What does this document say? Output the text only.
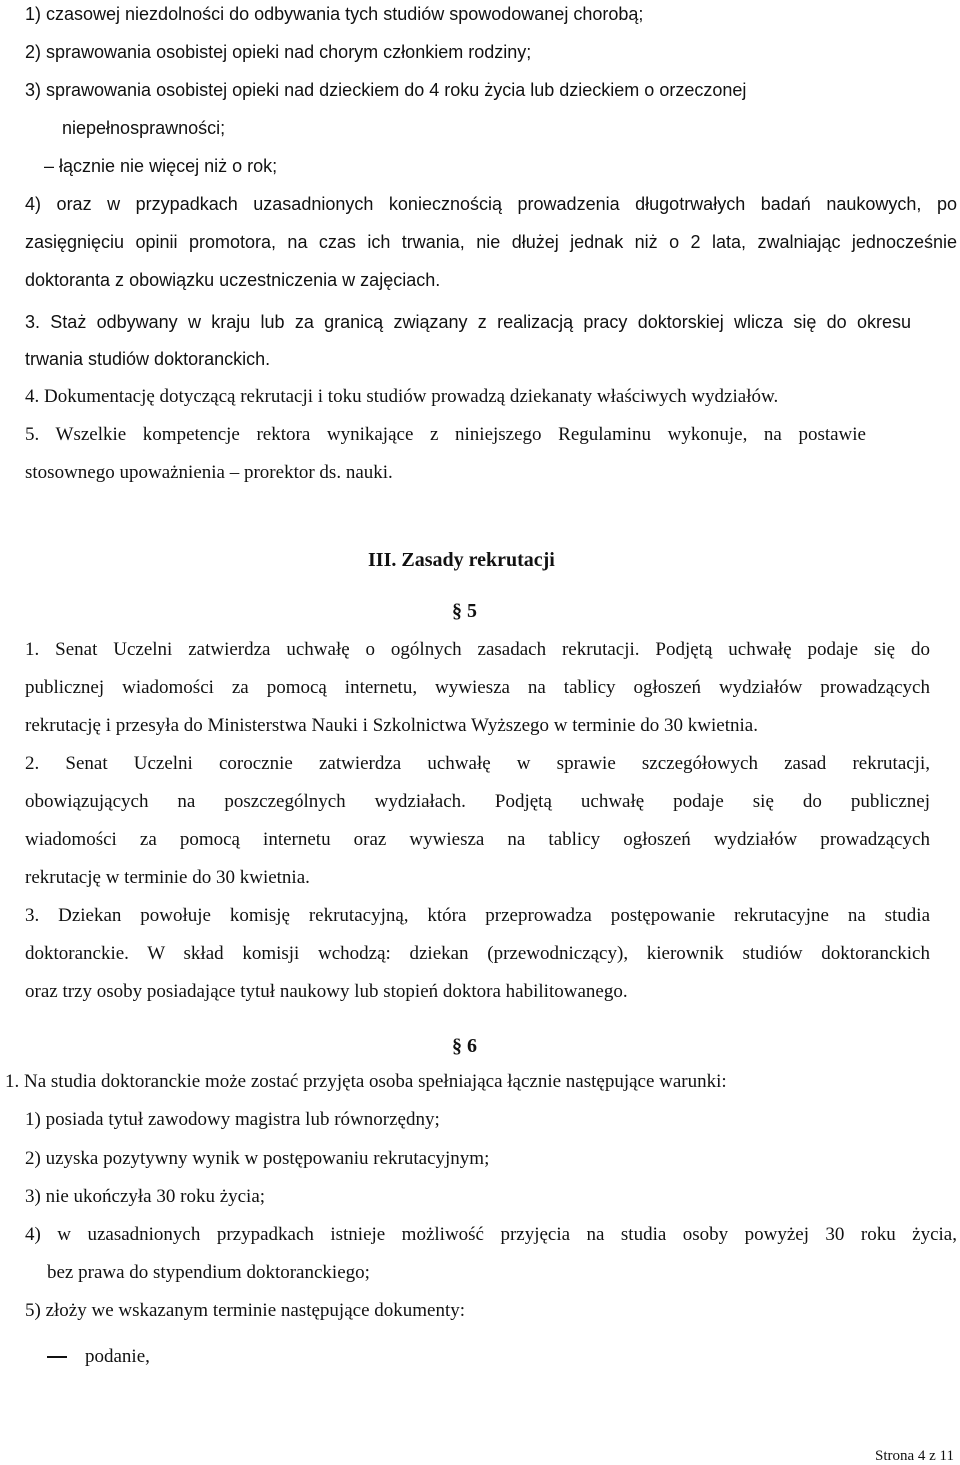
1) czasowej niezdolności do odbywania tych studiów spowodowanej chorobą;
2) sprawowania osobistej opieki nad chorym członkiem rodziny;
3) sprawowania osobistej opieki nad dzieckiem do 4 roku życia lub dzieckiem o orzeczonej
niepełnosprawności;
– łącznie nie więcej niż o rok;
4) oraz w przypadkach uzasadnionych koniecznością prowadzenia długotrwałych badań naukowych, po
zasięgnięciu opinii promotora, na czas ich trwania, nie dłużej jednak niż o 2 lata, zwalniając jednocześnie
doktoranta z obowiązku uczestniczenia w zajęciach.
3. Staż odbywany w kraju lub za granicą związany z realizacją pracy doktorskiej wlicza się do okresu
trwania studiów doktoranckich.
4. Dokumentację dotyczącą rekrutacji i toku studiów prowadzą dziekanaty właściwych wydziałów.
5. Wszelkie kompetencje rektora wynikające z niniejszego Regulaminu wykonuje, na postawie
stosownego upoważnienia – prorektor ds. nauki.
III. Zasady rekrutacji
§ 5
1. Senat Uczelni zatwierdza uchwałę o ogólnych zasadach rekrutacji. Podjętą uchwałę podaje się do
publicznej wiadomości za pomocą internetu, wywiesza na tablicy ogłoszeń wydziałów prowadzących
rekrutację i przesyła do Ministerstwa Nauki i Szkolnictwa Wyższego w terminie do 30 kwietnia.
2. Senat Uczelni corocznie zatwierdza uchwałę w sprawie szczegółowych zasad rekrutacji,
obowiązujących na poszczególnych wydziałach. Podjętą uchwałę podaje się do publicznej
wiadomości za pomocą internetu oraz wywiesza na tablicy ogłoszeń wydziałów prowadzących
rekrutację w terminie do 30 kwietnia.
3. Dziekan powołuje komisję rekrutacyjną, która przeprowadza postępowanie rekrutacyjne na studia
doktoranckie. W skład komisji wchodzą: dziekan (przewodniczący), kierownik studiów doktoranckich
oraz trzy osoby posiadające tytuł naukowy lub stopień doktora habilitowanego.
§ 6
1. Na studia doktoranckie może zostać przyjęta osoba spełniająca łącznie następujące warunki:
1) posiada tytuł zawodowy magistra lub równorzędny;
2) uzyska pozytywny wynik w postępowaniu rekrutacyjnym;
3) nie ukończyła 30 roku życia;
4) w uzasadnionych przypadkach istnieje możliwość przyjęcia na studia osoby powyżej 30 roku życia,
bez prawa do stypendium doktoranckiego;
5) złoży we wskazanym terminie następujące dokumenty:
podanie,
Strona 4 z 11
